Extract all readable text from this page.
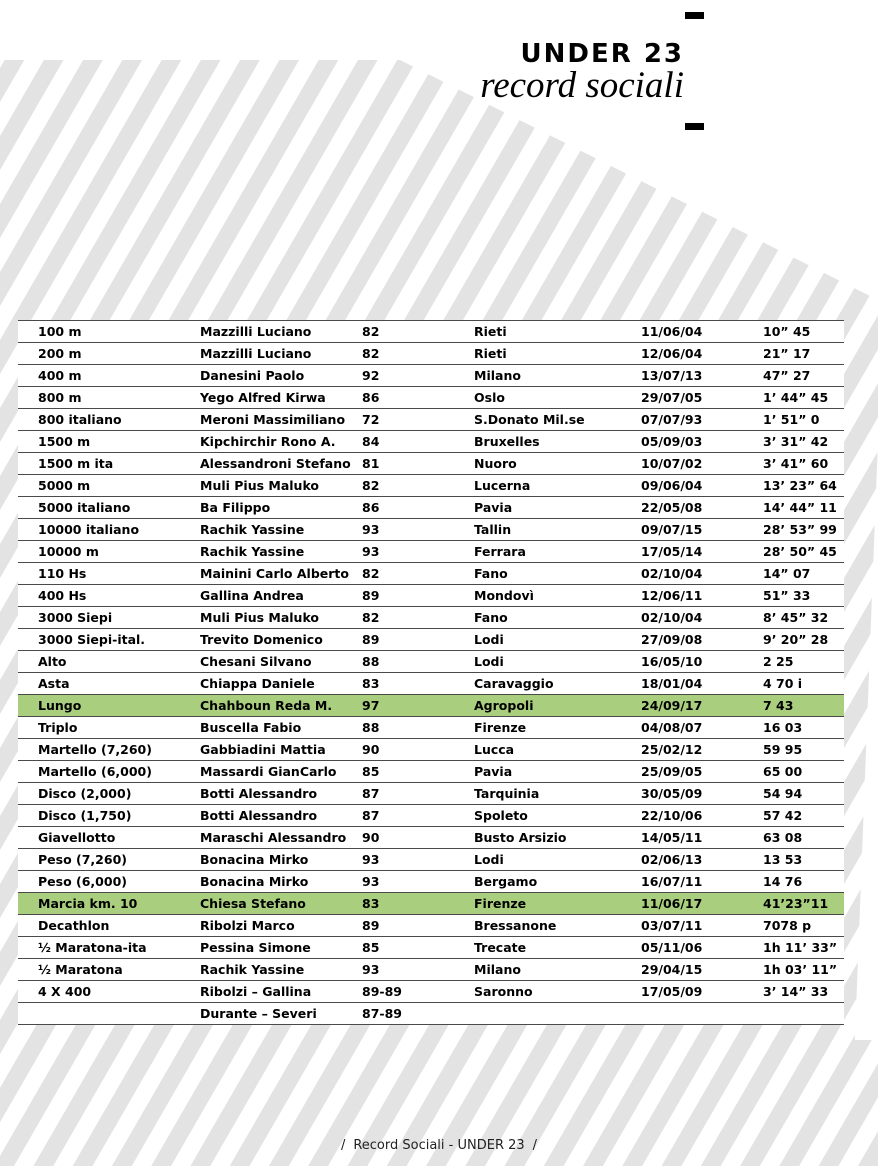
UNDER 23
record sociali
100 m	Mazzilli Luciano	82	Rieti	11/06/04	10” 45
200 m	Mazzilli Luciano	82	Rieti	12/06/04	21” 17
400 m	Danesini Paolo	92	Milano	13/07/13	47” 27
800 m	Yego Alfred Kirwa	86	Oslo	29/07/05	1’ 44” 45
800 italiano	Meroni Massimiliano	72	S.Donato Mil.se	07/07/93	1’ 51” 0
1500 m	Kipchirchir Rono A.	84	Bruxelles	05/09/03	3’ 31” 42
1500 m ita	Alessandroni Stefano	81	Nuoro	10/07/02	3’ 41” 60
5000 m	Muli Pius Maluko	82	Lucerna	09/06/04	13’ 23” 64
5000 italiano	Ba Filippo	86	Pavia	22/05/08	14’ 44” 11
10000 italiano	Rachik Yassine	93	Tallin	09/07/15	28’ 53” 99
10000 m	Rachik Yassine	93	Ferrara	17/05/14	28’ 50” 45
110 Hs	Mainini Carlo Alberto	82	Fano	02/10/04	14” 07
400 Hs	Gallina Andrea	89	Mondovì	12/06/11	51” 33
3000 Siepi	Muli Pius Maluko	82	Fano	02/10/04	8’ 45” 32
3000 Siepi-ital.	Trevito Domenico	89	Lodi	27/09/08	9’ 20” 28
Alto	Chesani Silvano	88	Lodi	16/05/10	2 25
Asta	Chiappa Daniele	83	Caravaggio	18/01/04	4 70 i
Lungo	Chahboun Reda M.	97	Agropoli	24/09/17	7 43
Triplo	Buscella Fabio	88	Firenze	04/08/07	16 03
Martello (7,260)	Gabbiadini Mattia	90	Lucca	25/02/12	59 95
Martello (6,000)	Massardi GianCarlo	85	Pavia	25/09/05	65 00
Disco (2,000)	Botti Alessandro	87	Tarquinia	30/05/09	54 94
Disco (1,750)	Botti Alessandro	87	Spoleto	22/10/06	57 42
Giavellotto	Maraschi Alessandro	90	Busto Arsizio	14/05/11	63 08
Peso (7,260)	Bonacina Mirko	93	Lodi	02/06/13	13 53
Peso (6,000)	Bonacina Mirko	93	Bergamo	16/07/11	14 76
Marcia km. 10	Chiesa Stefano	83	Firenze	11/06/17	41’23”11
Decathlon	Ribolzi Marco	89	Bressanone	03/07/11	7078 p
½ Maratona-ita	Pessina Simone	85	Trecate	05/11/06	1h 11’ 33”
½ Maratona	Rachik Yassine	93	Milano	29/04/15	1h 03’ 11”
4 X 400	Ribolzi – Gallina	89-89	Saronno	17/05/09	3’ 14” 33
	Durante – Severi	87-89			
/ Record Sociali - UNDER 23 /
